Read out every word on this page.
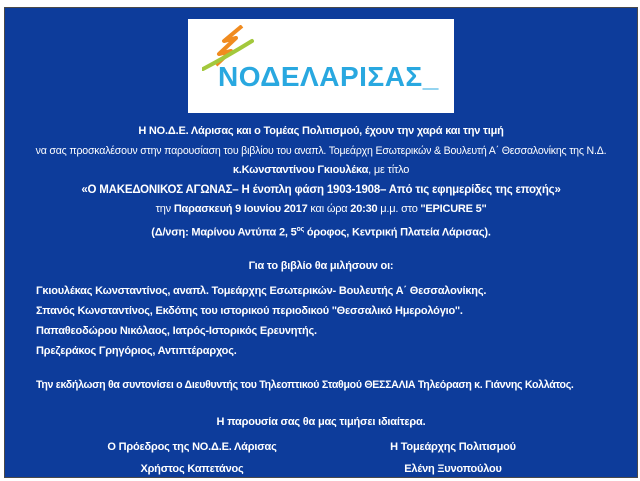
ΝΟΔΕΛΑΡΙΣΑΣ_
Η ΝΟ.Δ.Ε. Λάρισας και ο Τομέας Πολιτισμού, έχουν την χαρά και την τιμή
να σας προσκαλέσουν στην παρουσίαση του βιβλίου του αναπλ. Τομεάρχη Εσωτερικών & Βουλευτή Α΄ Θεσσαλονίκης της Ν.Δ.
κ.Κωνσταντίνου Γκιουλέκα, με τίτλο
«Ο ΜΑΚΕΔΟΝΙΚΟΣ ΑΓΩΝΑΣ– Η ένοπλη φάση 1903-1908– Από τις εφημερίδες της εποχής»
την Παρασκευή 9 Ιουνίου 2017 και ώρα 20:30 μ.μ. στο ''EPICURE 5''
(Δ/νση: Μαρίνου Αντύπα 2, $5^{o\varsigma}$ όροφος, Κεντρική Πλατεία Λάρισας).
Για το βιβλίο θα μιλήσουν οι:
Γκιουλέκας Κωνσταντίνος, αναπλ. Τομεάρχης Εσωτερικών- Βουλευτής Α΄ Θεσσαλονίκης.
Σπανός Κωνσταντίνος, Εκδότης του ιστορικού περιοδικού ''Θεσσαλικό Ημερολόγιο''.
Παπαθεοδώρου Νικόλαος, Ιατρός-Ιστορικός Ερευνητής.
Πρεζεράκος Γρηγόριος, Αντιπτέραρχος.
Την εκδήλωση θα συντονίσει ο Διευθυντής του Τηλεοπτικού Σταθμού ΘΕΣΣΑΛΙΑ Τηλεόραση κ. Γιάννης Κολλάτος.
Η παρουσία σας θα μας τιμήσει ιδιαίτερα.
Ο Πρόεδρος της ΝΟ.Δ.Ε. Λάρισας
Χρήστος Καπετάνος
Η Τομεάρχης Πολιτισμού
Ελένη Ξυνοπούλου
